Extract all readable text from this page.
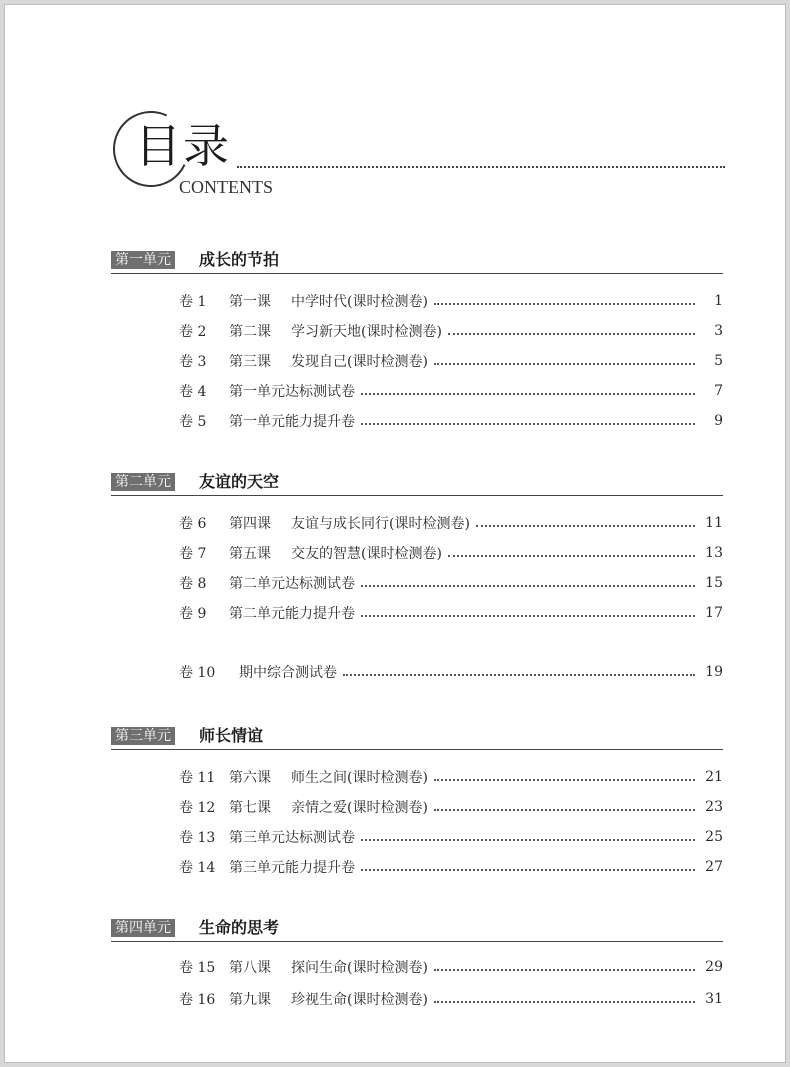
目录
CONTENTS
第一单元 成长的节拍
卷 1	第一课	中学时代(课时检测卷)	1
卷 2	第二课	学习新天地(课时检测卷)	3
卷 3	第三课	发现自己(课时检测卷)	5
卷 4	第一单元达标测试卷	7
卷 5	第一单元能力提升卷	9
第二单元 友谊的天空
卷 6	第四课	友谊与成长同行(课时检测卷)	11
卷 7	第五课	交友的智慧(课时检测卷)	13
卷 8	第二单元达标测试卷	15
卷 9	第二单元能力提升卷	17
卷 10	期中综合测试卷	19
第三单元 师长情谊
卷 11 第六课	师生之间(课时检测卷)	21
卷 12 第七课	亲情之爱(课时检测卷)	23
卷 13 第三单元达标测试卷	25
卷 14 第三单元能力提升卷	27
第四单元 生命的思考
卷 15 第八课	探问生命(课时检测卷)	29
卷 16 第九课	珍视生命(课时检测卷)	31
